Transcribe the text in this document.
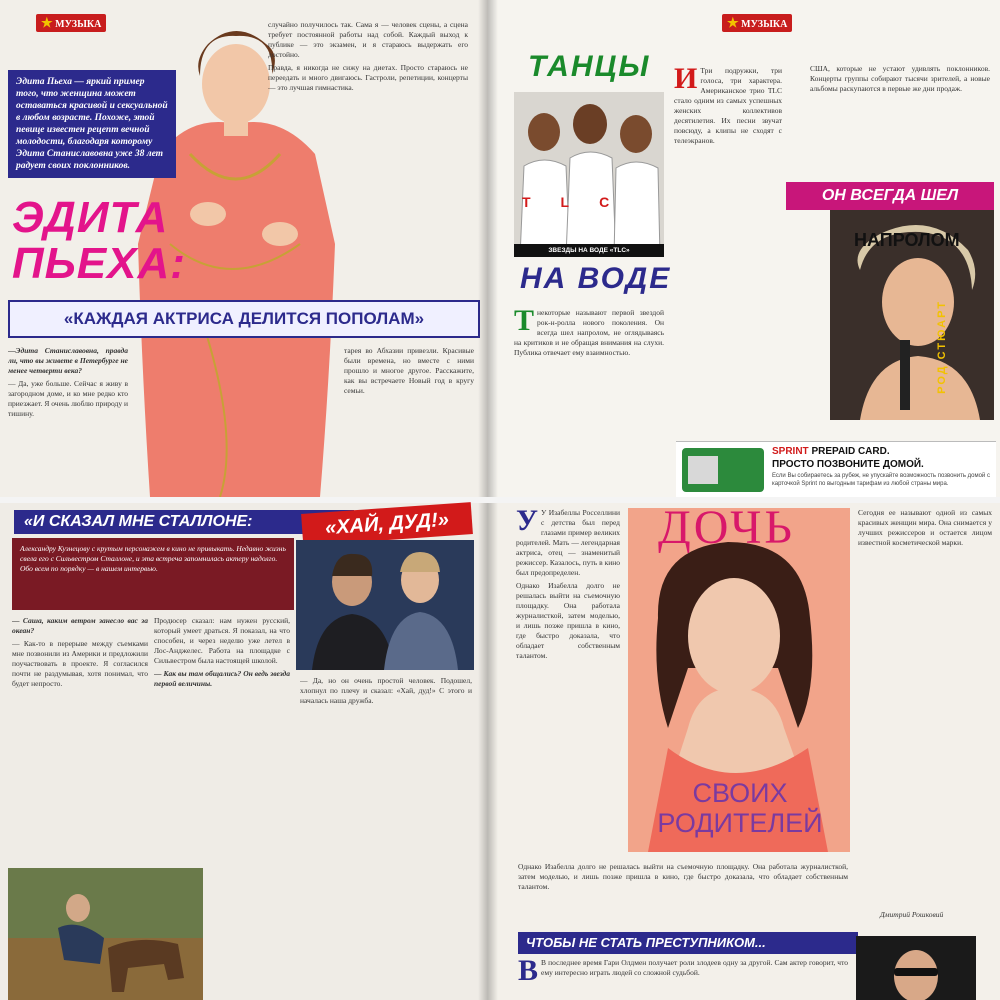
★ МУЗЫКА
Эдита Пьеха — яркий пример того, что женщина может оставаться красивой и сексуальной в любом возрасте. Похоже, этой певице известен рецепт вечной молодости, благодаря которому Эдита Станиславовна уже 38 лет радует своих поклонников.
ЭДИТА
ПЬЕХА:
«КАЖДАЯ АКТРИСА ДЕЛИТСЯ ПОПОЛАМ»

—Эдита Станиславовна, правда ли, что вы живете в Петербурге не менее четверти века?

— Да, уже больше. Сейчас я живу в загородном доме, и ко мне редко кто приезжает. Я очень люблю природу и тишину.

случайно получилось так. Сама я — человек сцены, а сцена требует постоянной работы над собой. Каждый выход к публике — это экзамен, и я стараюсь выдержать его достойно.

Правда, я никогда не сижу на диетах. Просто стараюсь не переедать и много двигаюсь. Гастроли, репетиции, концерты — это лучшая гимнастика.

тарея во Абхазии привезли. Красивые были времена, но вместе с ними прошло и многое другое. Расскажите, как вы встречаете Новый год в кругу семьи.

★ МУЗЫКА
ТАНЦЫ
TLC
ЗВЕЗДЫ НА ВОДЕ «TLC»
НА ВОДЕ

И Три подружки, три голоса, три характера. Американское трио TLC стало одним из самых успешных женских коллективов десятилетия. Их песни звучат повсюду, а клипы не сходят с телеэкранов.

Т некоторые называют первой звездой рок-н-ролла нового поколения. Он всегда шел напролом, не оглядываясь на критиков и не обращая внимания на слухи. Публика отвечает ему взаимностью.

США, которые не устают удивлять поклонников. Концерты группы собирают тысячи зрителей, а новые альбомы раскупаются в первые же дни продаж.

ОН ВСЕГДА ШЕЛ
НАПРОЛОМ
РОД СТЮАРТ
SPRINT PREPAID CARD.
ПРОСТО ПОЗВОНИТЕ ДОМОЙ.
Если Вы собираетесь за рубеж, не упускайте возможность позвонить домой с карточкой Sprint по выгодным тарифам из любой страны мира.
«И СКАЗАЛ МНЕ СТАЛЛОНЕ:
Александру Кузнецову с крутым персонажем в кино не привыкать. Недавно жизнь свела его с Сильвестром Сталлоне, и эта встреча запомнилась актеру надолго. Обо всем по порядку — в нашем интервью.
«ХАЙ, ДУД!»

— Саша, каким ветром занесло вас за океан?

— Как-то в перерыве между съемками мне позвонили из Америки и предложили поучаствовать в проекте. Я согласился почти не раздумывая, хотя понимал, что будет непросто.

Продюсер сказал: нам нужен русский, который умеет драться. Я показал, на что способен, и через неделю уже летел в Лос-Анджелес. Работа на площадке с Сильвестром была настоящей школой.

— Как вы там общались? Он ведь звезда первой величины.	— Да, но он очень простой человек. Подошел, хлопнул по плечу и сказал: «Хай, дуд!» С этого и началась наша дружба.

У У Изабеллы Росселлини с детства был перед глазами пример великих родителей. Мать — легендарная актриса, отец — знаменитый режиссер. Казалось, путь в кино был предопределен.

Однако Изабелла долго не решалась выйти на съемочную площадку. Она работала журналисткой, затем моделью, и лишь позже пришла в кино, где быстро доказала, что обладает собственным талантом.

ДОЧЬ
СВОИХ
РОДИТЕЛЕЙ

Сегодня ее называют одной из самых красивых женщин мира. Она снимается у лучших режиссеров и остается лицом известной косметической марки.

Однако Изабелла долго не решалась выйти на съемочную площадку. Она работала журналисткой, затем моделью, и лишь позже пришла в кино, где быстро доказала, что обладает собственным талантом.

Дмитрий Рошковий
ЧТОБЫ НЕ СТАТЬ ПРЕСТУПНИКОМ...

В В последнее время Гари Олдмен получает роли злодеев одну за другой. Сам актер говорит, что ему интересно играть людей со сложной судьбой.
